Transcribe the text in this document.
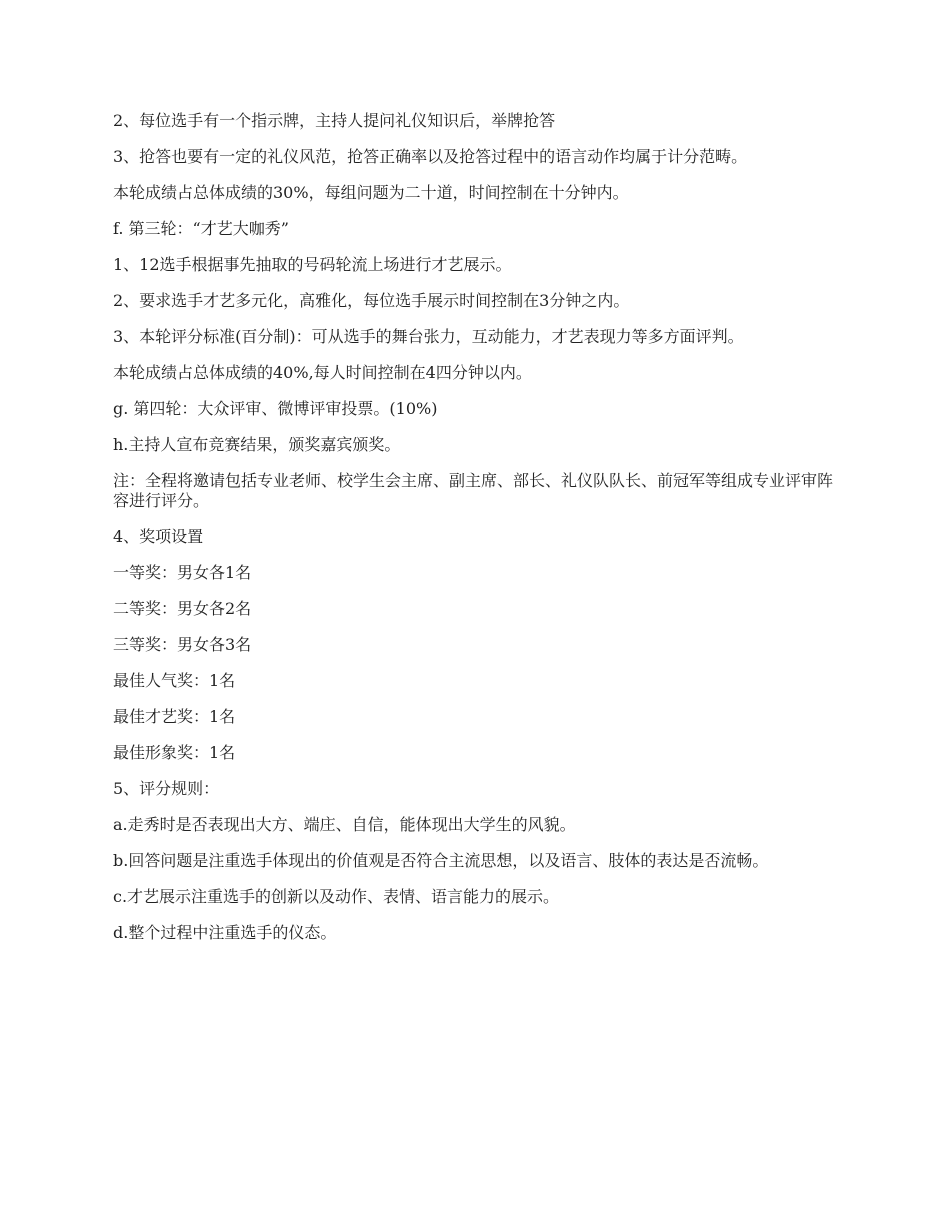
2、每位选手有一个指示牌，主持人提问礼仪知识后，举牌抢答

3、抢答也要有一定的礼仪风范，抢答正确率以及抢答过程中的语言动作均属于计分范畴。

本轮成绩占总体成绩的30%，每组问题为二十道，时间控制在十分钟内。

f. 第三轮：“才艺大咖秀”

1、12选手根据事先抽取的号码轮流上场进行才艺展示。

2、要求选手才艺多元化，高雅化，每位选手展示时间控制在3分钟之内。

3、本轮评分标准(百分制)：可从选手的舞台张力，互动能力，才艺表现力等多方面评判。

本轮成绩占总体成绩的40%,每人时间控制在4四分钟以内。

g. 第四轮：大众评审、微博评审投票。(10%)

h.主持人宣布竞赛结果，颁奖嘉宾颁奖。

注：全程将邀请包括专业老师、校学生会主席、副主席、部长、礼仪队队长、前冠军等组成专业评审阵容进行评分。

4、奖项设置

一等奖：男女各1名

二等奖：男女各2名

三等奖：男女各3名

最佳人气奖：1名

最佳才艺奖：1名

最佳形象奖：1名

5、评分规则：

a.走秀时是否表现出大方、端庄、自信，能体现出大学生的风貌。

b.回答问题是注重选手体现出的价值观是否符合主流思想，以及语言、肢体的表达是否流畅。

c.才艺展示注重选手的创新以及动作、表情、语言能力的展示。

d.整个过程中注重选手的仪态。
